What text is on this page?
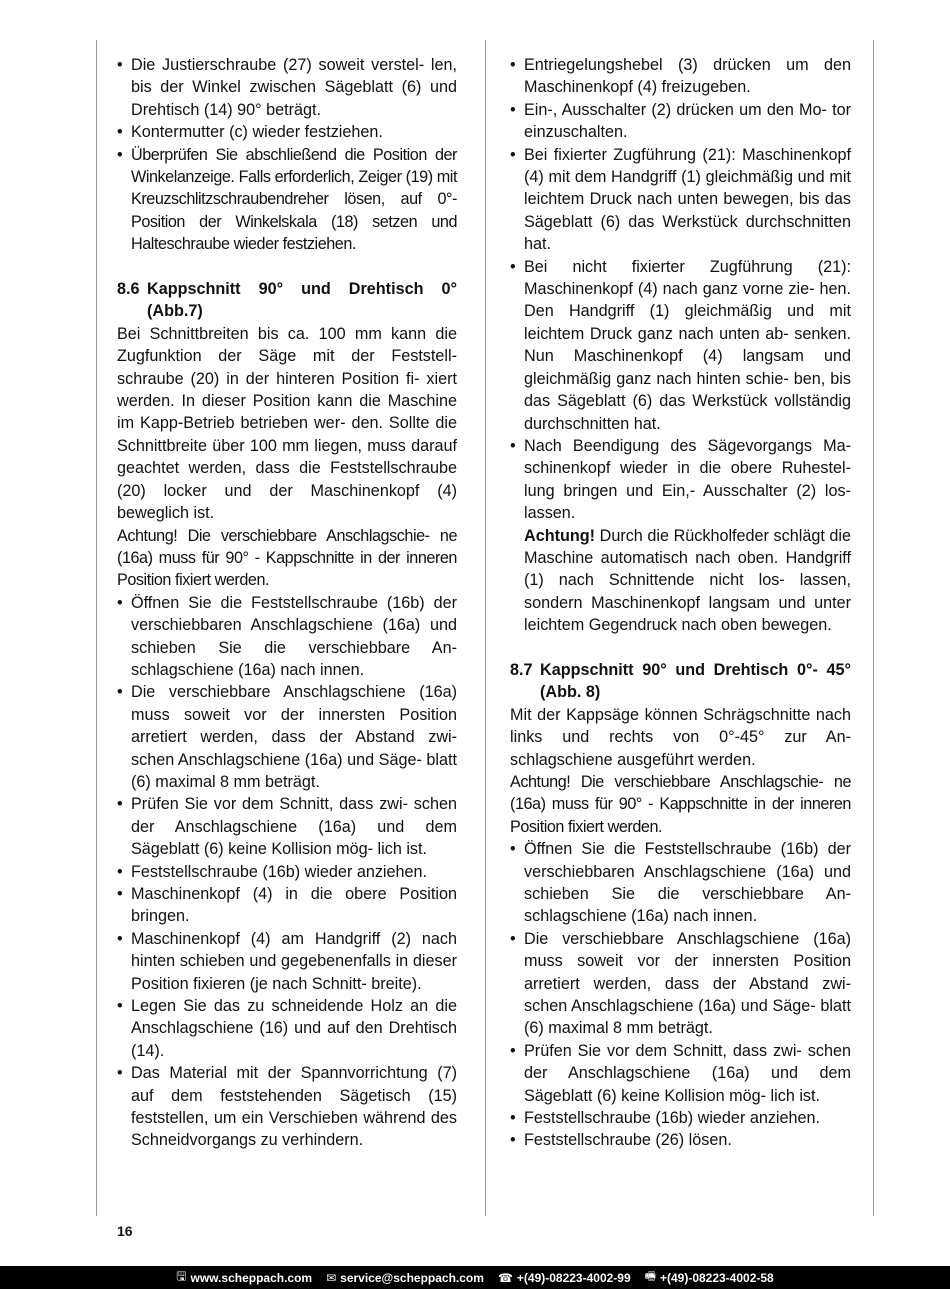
• Die Justierschraube (27) soweit verstel- len, bis der Winkel zwischen Sägeblatt (6) und Drehtisch (14) 90° beträgt.
• Kontermutter (c) wieder festziehen.
• Überprüfen Sie abschließend die Position der Winkelanzeige. Falls erforderlich, Zeiger (19) mit Kreuzschlitzschraubendreher lösen, auf 0°-Position der Winkelskala (18) setzen und Halteschraube wieder festziehen.
8.6 Kappschnitt 90° und Drehtisch 0° (Abb.7)

Bei Schnittbreiten bis ca. 100 mm kann die Zugfunktion der Säge mit der Feststell- schraube (20) in der hinteren Position fi- xiert werden. In dieser Position kann die Maschine im Kapp-Betrieb betrieben wer- den. Sollte die Schnittbreite über 100 mm liegen, muss darauf geachtet werden, dass die Feststellschraube (20) locker und der Maschinenkopf (4) beweglich ist.

Achtung! Die verschiebbare Anschlagschie- ne (16a) muss für 90° - Kappschnitte in der inneren Position fixiert werden.

• Öffnen Sie die Feststellschraube (16b) der verschiebbaren Anschlagschiene (16a) und schieben Sie die verschiebbare An- schlagschiene (16a) nach innen.
• Die verschiebbare Anschlagschiene (16a) muss soweit vor der innersten Position arretiert werden, dass der Abstand zwi- schen Anschlagschiene (16a) und Säge- blatt (6) maximal 8 mm beträgt.
• Prüfen Sie vor dem Schnitt, dass zwi- schen der Anschlagschiene (16a) und dem Sägeblatt (6) keine Kollision mög- lich ist.
• Feststellschraube (16b) wieder anziehen.
• Maschinenkopf (4) in die obere Position bringen.
• Maschinenkopf (4) am Handgriff (2) nach hinten schieben und gegebenenfalls in dieser Position fixieren (je nach Schnitt- breite).
• Legen Sie das zu schneidende Holz an die Anschlagschiene (16) und auf den Drehtisch (14).
• Das Material mit der Spannvorrichtung (7) auf dem feststehenden Sägetisch (15) feststellen, um ein Verschieben während des Schneidvorgangs zu verhindern.
• Entriegelungshebel (3) drücken um den Maschinenkopf (4) freizugeben.
• Ein-, Ausschalter (2) drücken um den Mo- tor einzuschalten.
• Bei fixierter Zugführung (21): Maschinenkopf (4) mit dem Handgriff (1) gleichmäßig und mit leichtem Druck nach unten bewegen, bis das Sägeblatt (6) das Werkstück durchschnitten hat.
• Bei nicht fixierter Zugführung (21): Maschinenkopf (4) nach ganz vorne zie- hen. Den Handgriff (1) gleichmäßig und mit leichtem Druck ganz nach unten ab- senken. Nun Maschinenkopf (4) langsam und gleichmäßig ganz nach hinten schie- ben, bis das Sägeblatt (6) das Werkstück vollständig durchschnitten hat.
• Nach Beendigung des Sägevorgangs Ma- schinenkopf wieder in die obere Ruhestel- lung bringen und Ein,- Ausschalter (2) los- lassen.

Achtung! Durch die Rückholfeder schlägt die Maschine automatisch nach oben. Handgriff (1) nach Schnittende nicht los- lassen, sondern Maschinenkopf langsam und unter leichtem Gegendruck nach oben bewegen.

8.7 Kappschnitt 90° und Drehtisch 0°- 45° (Abb. 8)

Mit der Kappsäge können Schrägschnitte nach links und rechts von 0°-45° zur An- schlagschiene ausgeführt werden.

Achtung! Die verschiebbare Anschlagschie- ne (16a) muss für 90° - Kappschnitte in der inneren Position fixiert werden.

• Öffnen Sie die Feststellschraube (16b) der verschiebbaren Anschlagschiene (16a) und schieben Sie die verschiebbare An- schlagschiene (16a) nach innen.
• Die verschiebbare Anschlagschiene (16a) muss soweit vor der innersten Position arretiert werden, dass der Abstand zwi- schen Anschlagschiene (16a) und Säge- blatt (6) maximal 8 mm beträgt.
• Prüfen Sie vor dem Schnitt, dass zwi- schen der Anschlagschiene (16a) und dem Sägeblatt (6) keine Kollision mög- lich ist.
• Feststellschraube (16b) wieder anziehen.
• Feststellschraube (26) lösen.
16
🖫 www.scheppach.com ✉ service@scheppach.com ☎ +(49)-08223-4002-99 🖷 +(49)-08223-4002-58
